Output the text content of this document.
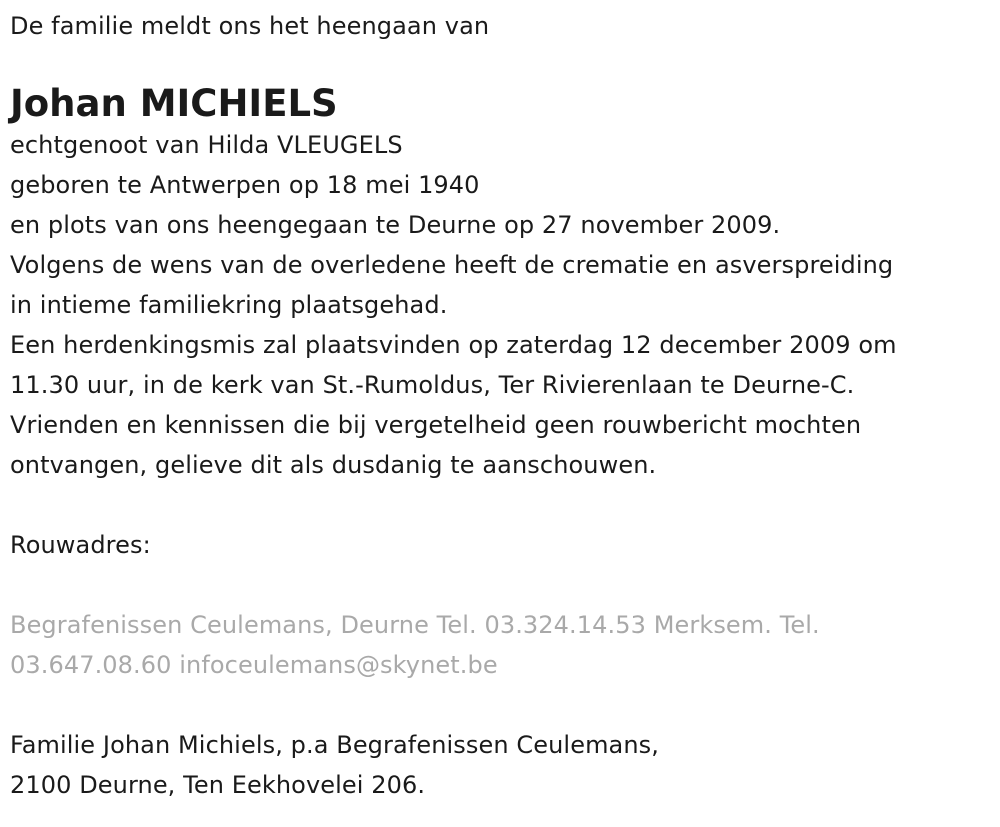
De familie meldt ons het heengaan van
Johan MICHIELS
echtgenoot van Hilda VLEUGELS
geboren te Antwerpen op 18 mei 1940
en plots van ons heengegaan te Deurne op 27 november 2009.
Volgens de wens van de overledene heeft de crematie en asverspreiding
in intieme familiekring plaatsgehad.
Een herdenkingsmis zal plaatsvinden op zaterdag 12 december 2009 om
11.30 uur, in de kerk van St.-Rumoldus, Ter Rivierenlaan te Deurne-C.
Vrienden en kennissen die bij vergetelheid geen rouwbericht mochten
ontvangen, gelieve dit als dusdanig te aanschouwen.
Rouwadres:
Begrafenissen Ceulemans, Deurne Tel. 03.324.14.53 Merksem. Tel.
03.647.08.60 infoceulemans@skynet.be
Familie Johan Michiels, p.a Begrafenissen Ceulemans,
2100 Deurne, Ten Eekhovelei 206.
